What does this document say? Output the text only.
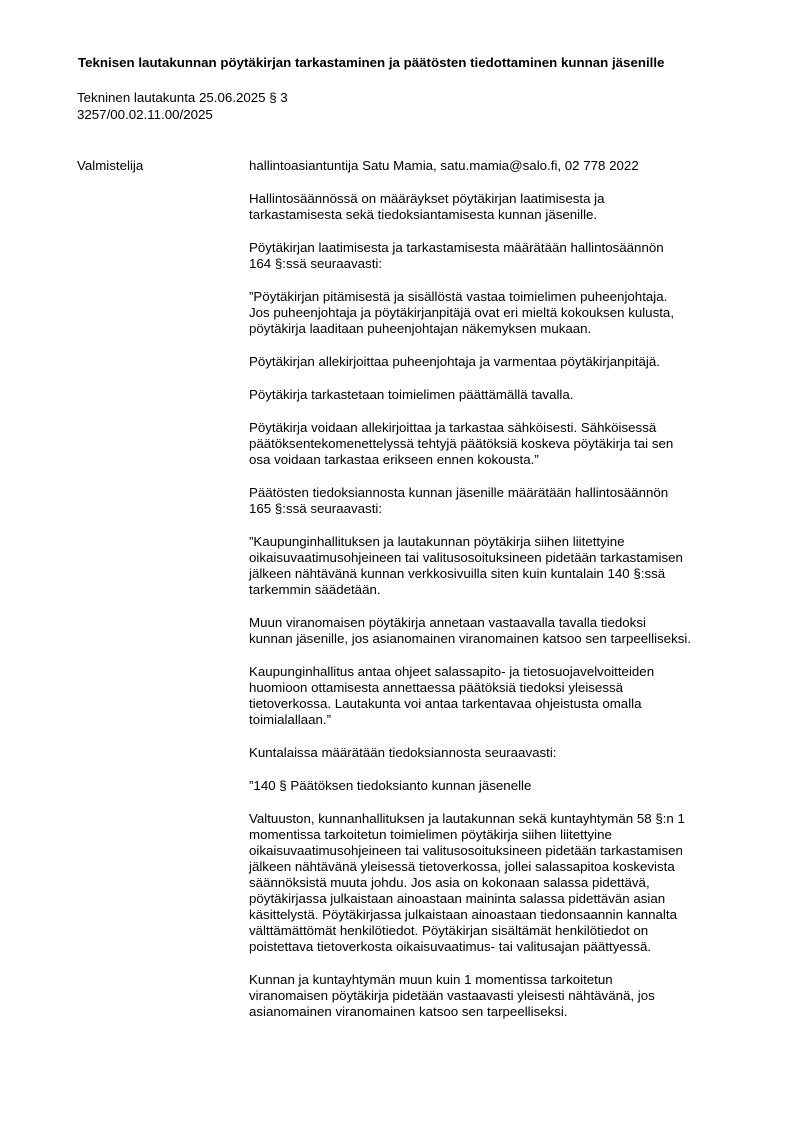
Teknisen lautakunnan pöytäkirjan tarkastaminen ja päätösten tiedottaminen kunnan jäsenille
Tekninen lautakunta 25.06.2025 § 3
3257/00.02.11.00/2025
Valmistelija	hallintoasiantuntija Satu Mamia, satu.mamia@salo.fi, 02 778 2022

Hallintosäännössä on määräykset pöytäkirjan laatimisesta ja
tarkastamisesta sekä tiedoksiantamisesta kunnan jäsenille.

Pöytäkirjan laatimisesta ja tarkastamisesta määrätään hallintosäännön
164 §:ssä seuraavasti:

”Pöytäkirjan pitämisestä ja sisällöstä vastaa toimielimen puheenjohtaja.
Jos puheenjohtaja ja pöytäkirjanpitäjä ovat eri mieltä kokouksen kulusta,
pöytäkirja laaditaan puheenjohtajan näkemyksen mukaan.

Pöytäkirjan allekirjoittaa puheenjohtaja ja varmentaa pöytäkirjanpitäjä.

Pöytäkirja tarkastetaan toimielimen päättämällä tavalla.

Pöytäkirja voidaan allekirjoittaa ja tarkastaa sähköisesti. Sähköisessä
päätöksentekomenettelyssä tehtyjä päätöksiä koskeva pöytäkirja tai sen
osa voidaan tarkastaa erikseen ennen kokousta.”

Päätösten tiedoksiannosta kunnan jäsenille määrätään hallintosäännön
165 §:ssä seuraavasti:

”Kaupunginhallituksen ja lautakunnan pöytäkirja siihen liitettyine
oikaisuvaatimusohjeineen tai valitusosoituksineen pidetään tarkastamisen
jälkeen nähtävänä kunnan verkkosivuilla siten kuin kuntalain 140 §:ssä
tarkemmin säädetään.

Muun viranomaisen pöytäkirja annetaan vastaavalla tavalla tiedoksi
kunnan jäsenille, jos asianomainen viranomainen katsoo sen tarpeelliseksi.

Kaupunginhallitus antaa ohjeet salassapito- ja tietosuojavelvoitteiden
huomioon ottamisesta annettaessa päätöksiä tiedoksi yleisessä
tietoverkossa. Lautakunta voi antaa tarkentavaa ohjeistusta omalla
toimialallaan.”

Kuntalaissa määrätään tiedoksiannosta seuraavasti:

”140 § Päätöksen tiedoksianto kunnan jäsenelle

Valtuuston, kunnanhallituksen ja lautakunnan sekä kuntayhtymän 58 §:n 1
momentissa tarkoitetun toimielimen pöytäkirja siihen liitettyine
oikaisuvaatimusohjeineen tai valitusosoituksineen pidetään tarkastamisen
jälkeen nähtävänä yleisessä tietoverkossa, jollei salassapitoa koskevista
säännöksistä muuta johdu. Jos asia on kokonaan salassa pidettävä,
pöytäkirjassa julkaistaan ainoastaan maininta salassa pidettävän asian
käsittelystä. Pöytäkirjassa julkaistaan ainoastaan tiedonsaannin kannalta
välttämättömät henkilötiedot. Pöytäkirjan sisältämät henkilötiedot on
poistettava tietoverkosta oikaisuvaatimus- tai valitusajan päättyessä.

Kunnan ja kuntayhtymän muun kuin 1 momentissa tarkoitetun
viranomaisen pöytäkirja pidetään vastaavasti yleisesti nähtävänä, jos
asianomainen viranomainen katsoo sen tarpeelliseksi.
